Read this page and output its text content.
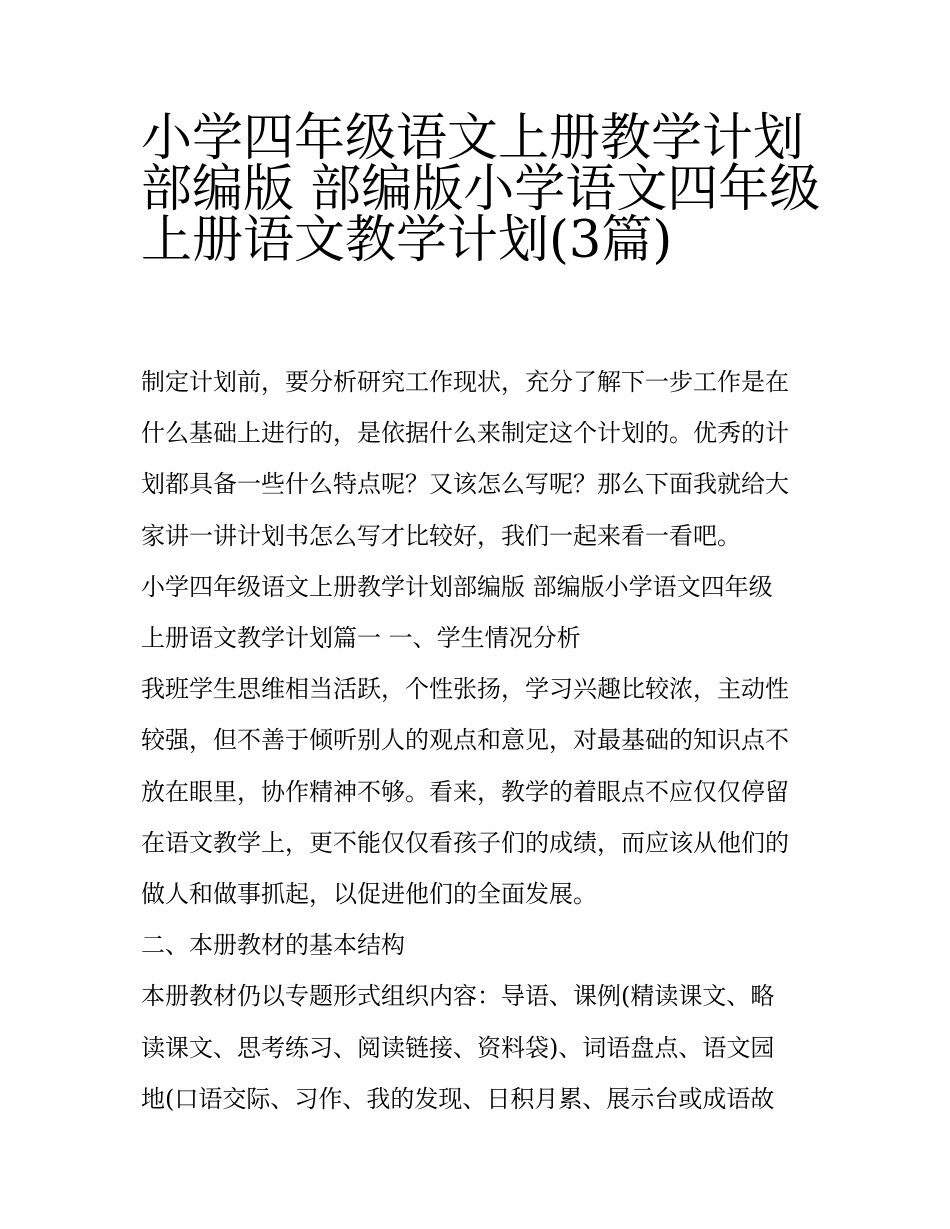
小学四年级语文上册教学计划
部编版 部编版小学语文四年级
上册语文教学计划(3篇)
制定计划前，要分析研究工作现状，充分了解下一步工作是在
什么基础上进行的，是依据什么来制定这个计划的。优秀的计
划都具备一些什么特点呢？又该怎么写呢？那么下面我就给大
家讲一讲计划书怎么写才比较好，我们一起来看一看吧。
小学四年级语文上册教学计划部编版 部编版小学语文四年级
上册语文教学计划篇一 一、学生情况分析
我班学生思维相当活跃，个性张扬，学习兴趣比较浓，主动性
较强，但不善于倾听别人的观点和意见，对最基础的知识点不
放在眼里，协作精神不够。看来，教学的着眼点不应仅仅停留
在语文教学上，更不能仅仅看孩子们的成绩，而应该从他们的
做人和做事抓起，以促进他们的全面发展。
二、本册教材的基本结构
本册教材仍以专题形式组织内容：导语、课例(精读课文、略
读课文、思考练习、阅读链接、资料袋)、词语盘点、语文园
地(口语交际、习作、我的发现、日积月累、展示台或成语故
